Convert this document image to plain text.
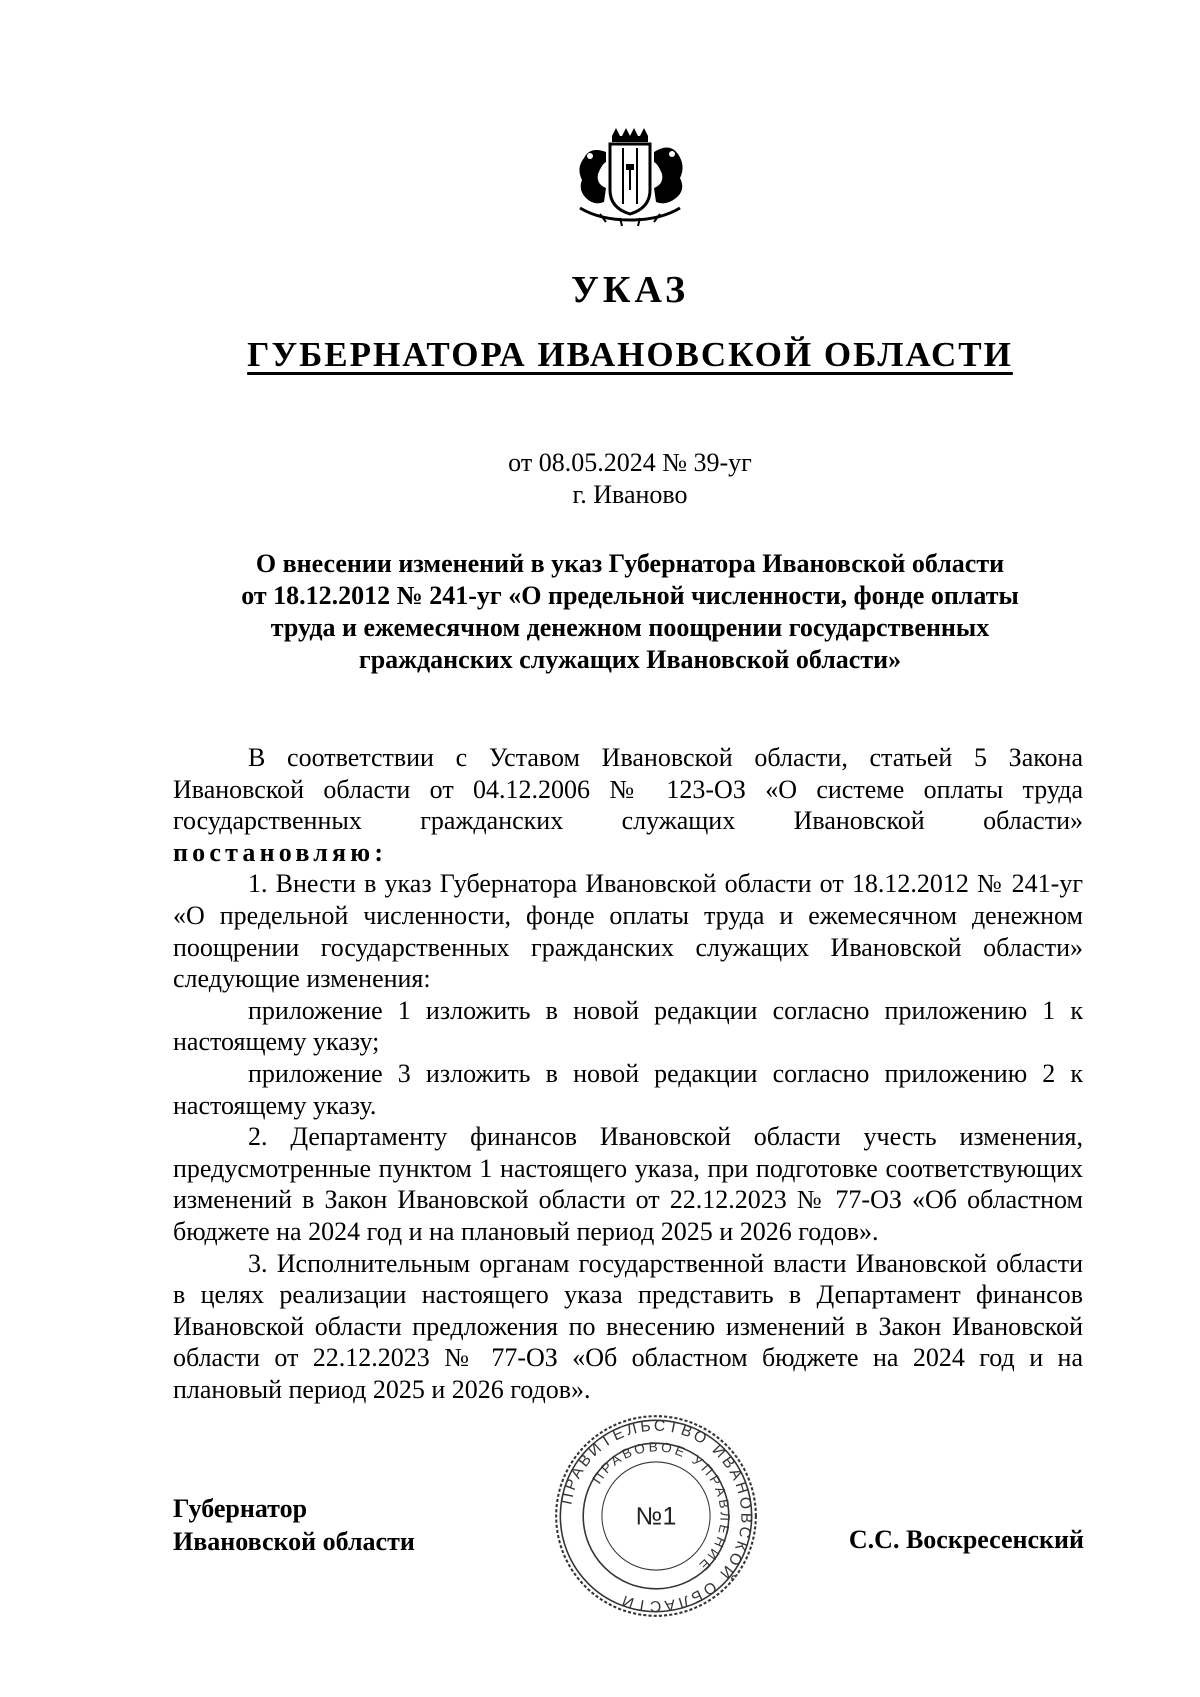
УКАЗ
ГУБЕРНАТОРА ИВАНОВСКОЙ ОБЛАСТИ
от 08.05.2024 № 39-уг
г. Иваново
О внесении изменений в указ Губернатора Ивановской области
от 18.12.2012 № 241-уг «О предельной численности, фонде оплаты
труда и ежемесячном денежном поощрении государственных
гражданских служащих Ивановской области»

В соответствии с Уставом Ивановской области, статьей 5 Закона Ивановской области от 04.12.2006 № 123-ОЗ «О системе оплаты труда государственных гражданских служащих Ивановской области»

постановляю:

1. Внести в указ Губернатора Ивановской области от 18.12.2012 № 241-уг «О предельной численности, фонде оплаты труда и ежемесячном денежном поощрении государственных гражданских служащих Ивановской области» следующие изменения:

приложение 1 изложить в новой редакции согласно приложению 1 к настоящему указу;

приложение 3 изложить в новой редакции согласно приложению 2 к настоящему указу.

2. Департаменту финансов Ивановской области учесть изменения, предусмотренные пунктом 1 настоящего указа, при подготовке соответствующих изменений в Закон Ивановской области от 22.12.2023 № 77-ОЗ «Об областном бюджете на 2024 год и на плановый период 2025 и 2026 годов».

3. Исполнительным органам государственной власти Ивановской области в целях реализации настоящего указа представить в Департамент финансов Ивановской области предложения по внесению изменений в Закон Ивановской области от 22.12.2023 № 77-ОЗ «Об областном бюджете на 2024 год и на плановый период 2025 и 2026 годов».

Губернатор
Ивановской области
ПРАВИТЕЛЬСТВО ИВАНОВСКОЙ ОБЛАСТИ
ПРАВОВОЕ УПРАВЛЕНИЕ
№1
С.С. Воскресенский
